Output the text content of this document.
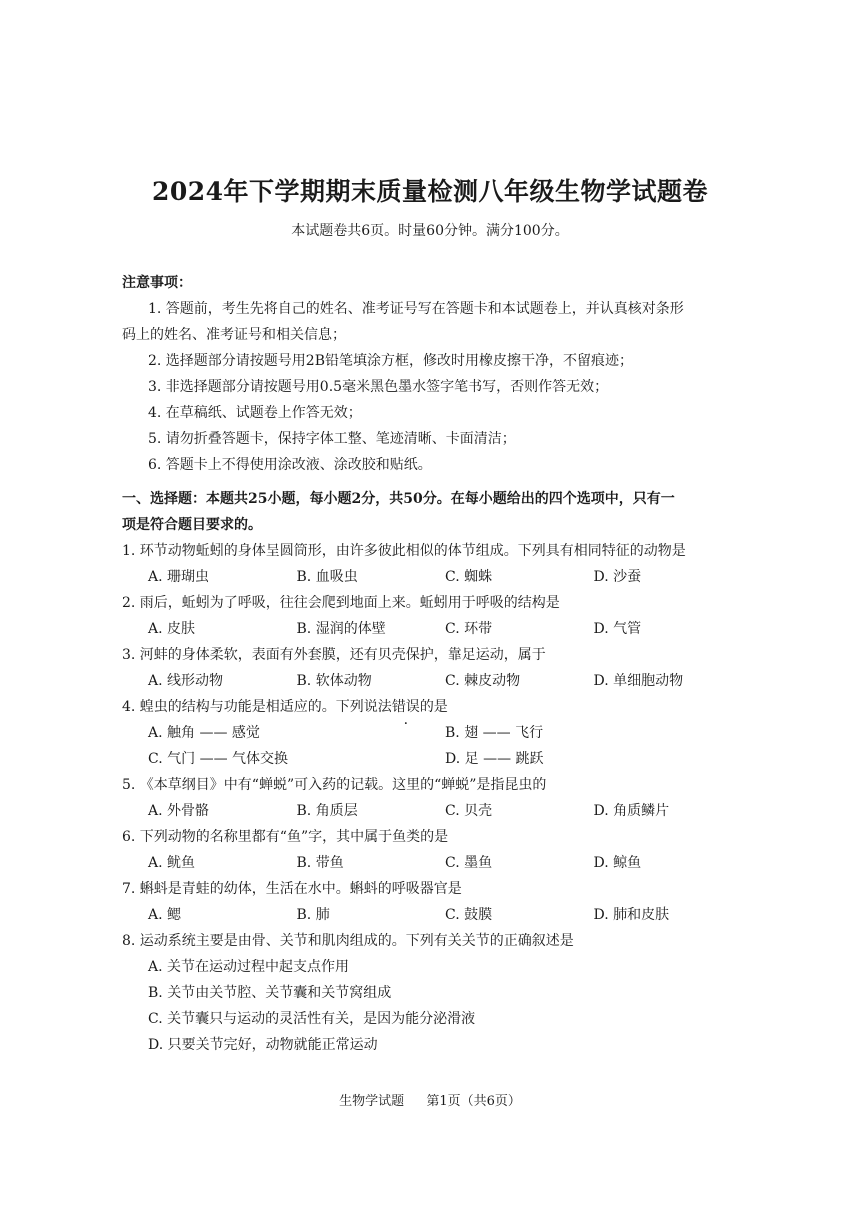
2024年下学期期末质量检测八年级生物学试题卷
本试题卷共6页。时量60分钟。满分100分。
注意事项：
1. 答题前，考生先将自己的姓名、准考证号写在答题卡和本试题卷上，并认真核对条形
码上的姓名、准考证号和相关信息；
2. 选择题部分请按题号用2B铅笔填涂方框，修改时用橡皮擦干净，不留痕迹；
3. 非选择题部分请按题号用0.5毫米黑色墨水签字笔书写，否则作答无效；
4. 在草稿纸、试题卷上作答无效；
5. 请勿折叠答题卡，保持字体工整、笔迹清晰、卡面清洁；
6. 答题卡上不得使用涂改液、涂改胶和贴纸。
一、选择题：本题共25小题，每小题2分，共50分。在每小题给出的四个选项中，只有一
项是符合题目要求的。
1. 环节动物蚯蚓的身体呈圆筒形，由许多彼此相似的体节组成。下列具有相同特征的动物是
A. 珊瑚虫	B. 血吸虫	C. 蜘蛛	D. 沙蚕
2. 雨后，蚯蚓为了呼吸，往往会爬到地面上来。蚯蚓用于呼吸的结构是
A. 皮肤	B. 湿润的体壁	C. 环带	D. 气管
3. 河蚌的身体柔软，表面有外套膜，还有贝壳保护，靠足运动，属于
A. 线形动物	B. 软体动物	C. 棘皮动物	D. 单细胞动物
4. 蝗虫的结构与功能是相适应的。下列说法错误的是
A. 触角 —— 感觉	B. 翅 —— 飞行
C. 气门 —— 气体交换	D. 足 —— 跳跃
5. 《本草纲目》中有“蝉蜕”可入药的记载。这里的“蝉蜕”是指昆虫的
A. 外骨骼	B. 角质层	C. 贝壳	D. 角质鳞片
6. 下列动物的名称里都有“鱼”字，其中属于鱼类的是
A. 鱿鱼	B. 带鱼	C. 墨鱼	D. 鲸鱼
7. 蝌蚪是青蛙的幼体，生活在水中。蝌蚪的呼吸器官是
A. 鳃	B. 肺	C. 鼓膜	D. 肺和皮肤
8. 运动系统主要是由骨、关节和肌肉组成的。下列有关关节的正确叙述是
A. 关节在运动过程中起支点作用
B. 关节由关节腔、关节囊和关节窝组成
C. 关节囊只与运动的灵活性有关，是因为能分泌滑液
D. 只要关节完好，动物就能正常运动
生物学试题 第1页（共6页）
